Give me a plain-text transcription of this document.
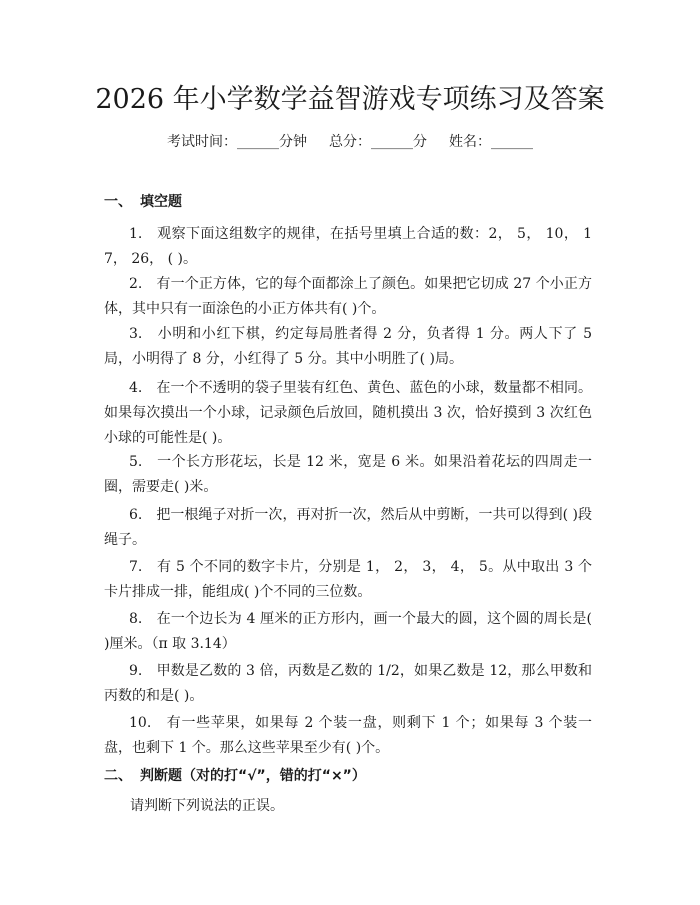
2026 年小学数学益智游戏专项练习及答案
考试时间：______分钟 总分：______分 姓名：______
一、 填空题
1.　观察下面这组数字的规律，在括号里填上合适的数：2， 5， 10， 17， 26， ( )。
2.　有一个正方体，它的每个面都涂上了颜色。如果把它切成 27 个小正方体，其中只有一面涂色的小正方体共有( )个。
3.　小明和小红下棋，约定每局胜者得 2 分，负者得 1 分。两人下了 5 局，小明得了 8 分，小红得了 5 分。其中小明胜了( )局。
4.　在一个不透明的袋子里装有红色、黄色、蓝色的小球，数量都不相同。如果每次摸出一个小球，记录颜色后放回，随机摸出 3 次，恰好摸到 3 次红色小球的可能性是( )。
5.　一个长方形花坛，长是 12 米，宽是 6 米。如果沿着花坛的四周走一圈，需要走( )米。
6.　把一根绳子对折一次，再对折一次，然后从中剪断，一共可以得到( )段绳子。
7.　有 5 个不同的数字卡片，分别是 1， 2， 3， 4， 5。从中取出 3 个卡片排成一排，能组成( )个不同的三位数。
8.　在一个边长为 4 厘米的正方形内，画一个最大的圆，这个圆的周长是( )厘米。（π 取 3.14）
9.　甲数是乙数的 3 倍，丙数是乙数的 1/2，如果乙数是 12，那么甲数和丙数的和是( )。
10.　有一些苹果，如果每 2 个装一盘，则剩下 1 个；如果每 3 个装一盘，也剩下 1 个。那么这些苹果至少有( )个。
二、 判断题（对的打“√”，错的打“×”）
请判断下列说法的正误。
